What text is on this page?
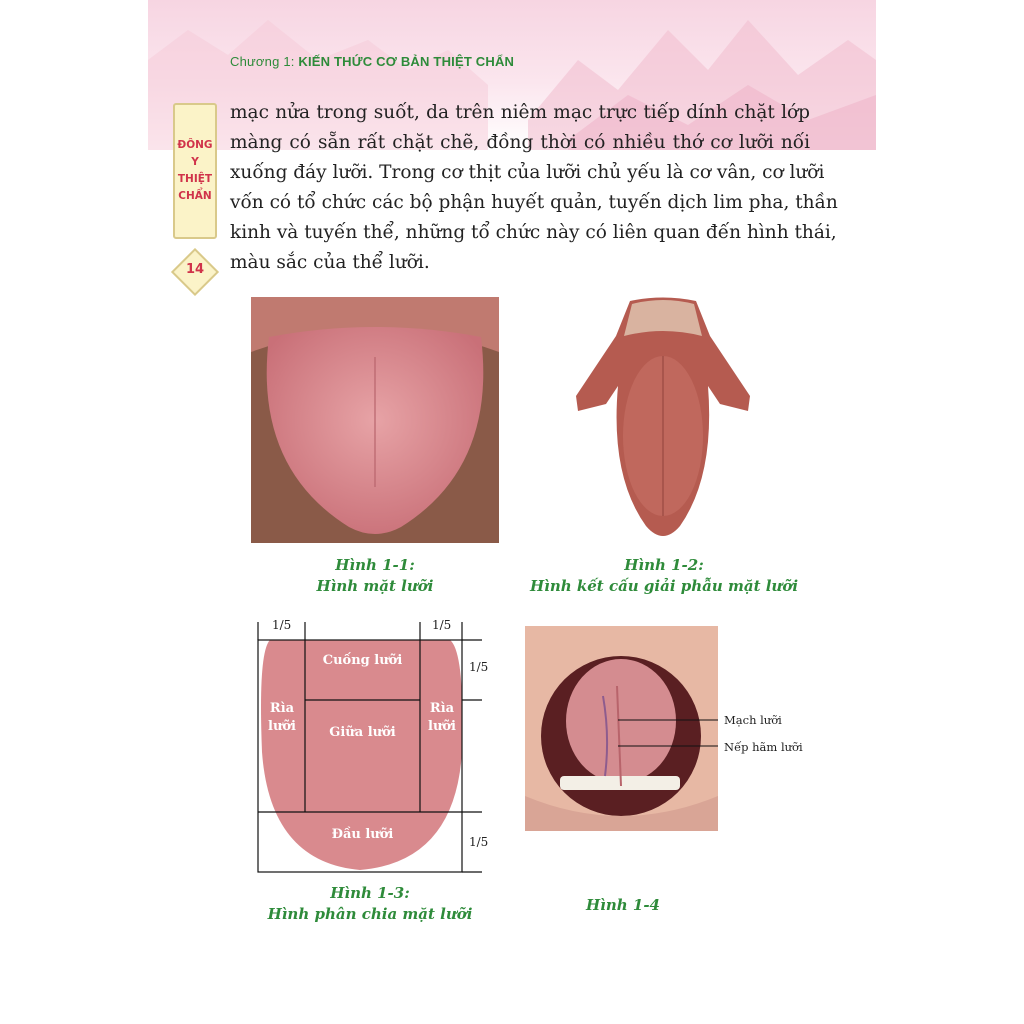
Chương 1: KIẾN THỨC CƠ BẢN THIỆT CHẨN
ĐÔNG
Y
THIỆT
CHẨN
14
mạc nửa trong suốt, da trên niêm mạc trực tiếp dính chặt lớp
màng có sẵn rất chặt chẽ, đồng thời có nhiều thớ cơ lưỡi nối
xuống đáy lưỡi. Trong cơ thịt của lưỡi chủ yếu là cơ vân, cơ lưỡi
vốn có tổ chức các bộ phận huyết quản, tuyến dịch lim pha, thần
kinh và tuyến thể, những tổ chức này có liên quan đến hình thái,
màu sắc của thể lưỡi.
Hình 1-1:
Hình mặt lưỡi
Hình 1-2:
Hình kết cấu giải phẫu mặt lưỡi
1/5	1/5
1/5
1/5
Cuống lưỡi
Rìa
lưỡi
Rìa
lưỡi
Giữa lưỡi
Đầu lưỡi
Hình 1-3:
Hình phân chia mặt lưỡi
Mạch lưỡi
Nếp hãm lưỡi
Hình 1-4
